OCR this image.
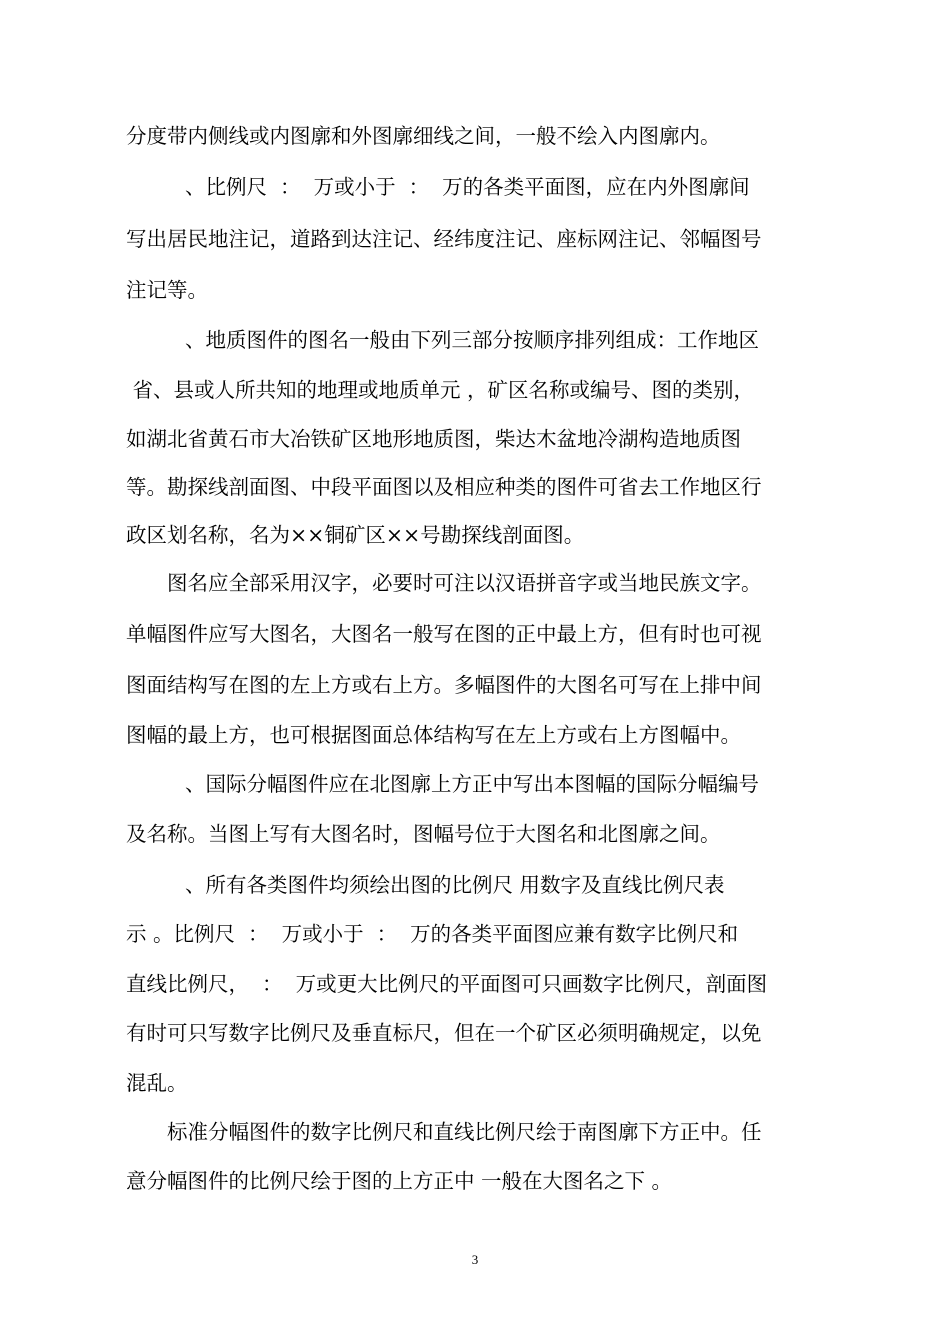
分度带内侧线或内图廓和外图廓细线之间，一般不绘入内图廓内。
、比例尺  ：  万或小于  ：  万的各类平面图，应在内外图廓间
写出居民地注记，道路到达注记、经纬度注记、座标网注记、邻幅图号
注记等。
、地质图件的图名一般由下列三部分按顺序排列组成：工作地区
省、县或人所共知的地理或地质单元 ，矿区名称或编号、图的类别，
如湖北省黄石市大冶铁矿区地形地质图，柴达木盆地冷湖构造地质图
等。勘探线剖面图、中段平面图以及相应种类的图件可省去工作地区行
政区划名称，名为××铜矿区××号勘探线剖面图。
图名应全部采用汉字，必要时可注以汉语拼音字或当地民族文字。
单幅图件应写大图名，大图名一般写在图的正中最上方，但有时也可视
图面结构写在图的左上方或右上方。多幅图件的大图名可写在上排中间
图幅的最上方，也可根据图面总体结构写在左上方或右上方图幅中。
、国际分幅图件应在北图廓上方正中写出本图幅的国际分幅编号
及名称。当图上写有大图名时，图幅号位于大图名和北图廓之间。
、所有各类图件均须绘出图的比例尺 用数字及直线比例尺表
示 。比例尺  ：  万或小于  ：  万的各类平面图应兼有数字比例尺和
直线比例尺，  ：  万或更大比例尺的平面图可只画数字比例尺，剖面图
有时可只写数字比例尺及垂直标尺，但在一个矿区必须明确规定，以免
混乱。
标准分幅图件的数字比例尺和直线比例尺绘于南图廓下方正中。任
意分幅图件的比例尺绘于图的上方正中 一般在大图名之下 。
3
